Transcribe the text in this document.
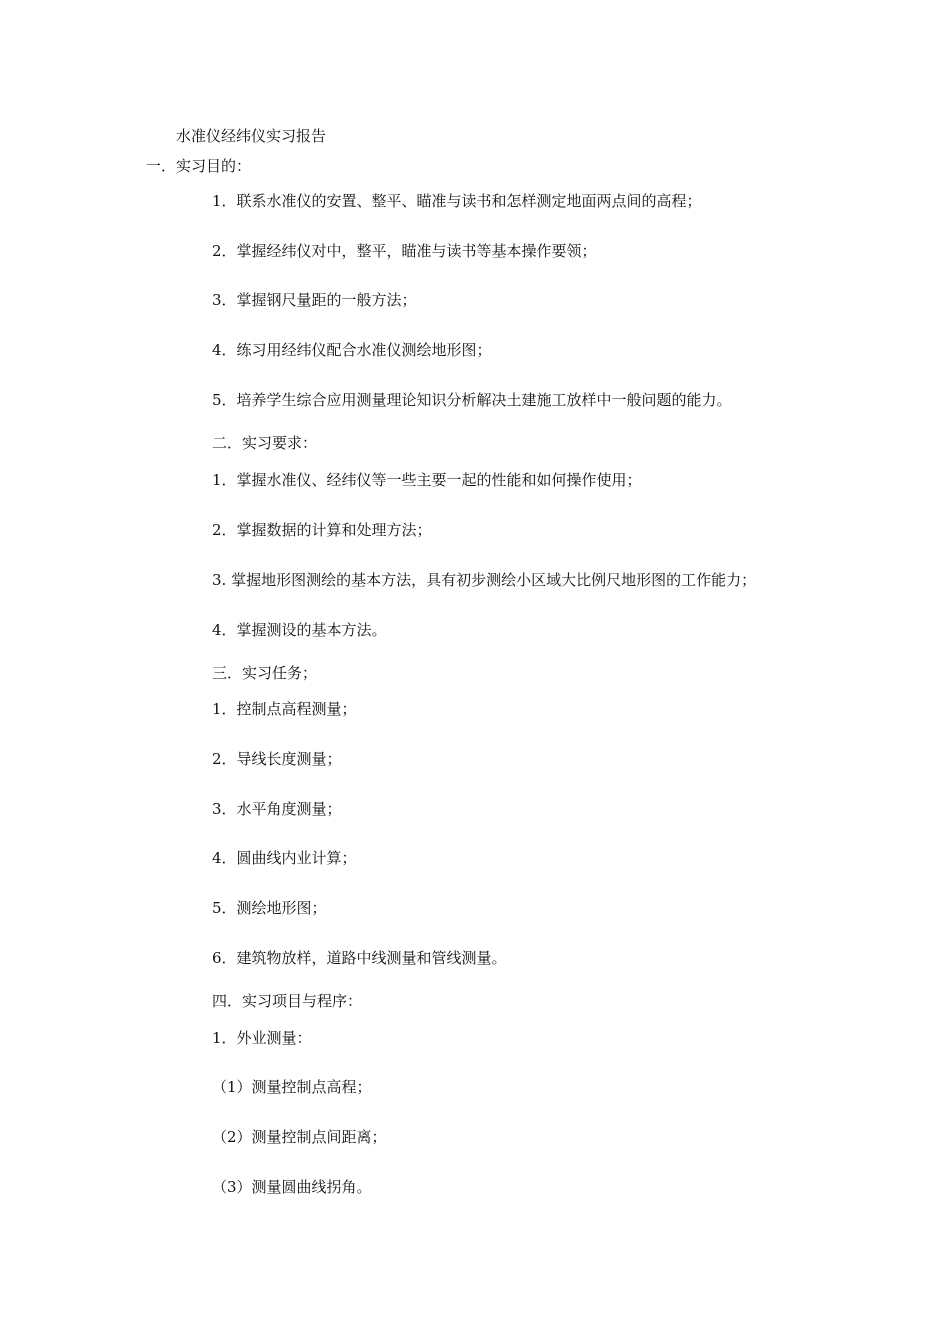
水准仪经纬仪实习报告
一．实习目的：
1．联系水准仪的安置、整平、瞄准与读书和怎样测定地面两点间的高程；
2．掌握经纬仪对中，整平，瞄准与读书等基本操作要领；
3．掌握钢尺量距的一般方法；
4．练习用经纬仪配合水准仪测绘地形图；
5．培养学生综合应用测量理论知识分析解决土建施工放样中一般问题的能力。
二．实习要求：
1．掌握水准仪、经纬仪等一些主要一起的性能和如何操作使用；
2．掌握数据的计算和处理方法；
3. 掌握地形图测绘的基本方法，具有初步测绘小区域大比例尺地形图的工作能力；
4．掌握测设的基本方法。
三．实习任务；
1．控制点高程测量；
2．导线长度测量；
3．水平角度测量；
4．圆曲线内业计算；
5．测绘地形图；
6．建筑物放样，道路中线测量和管线测量。
四．实习项目与程序：
1．外业测量：
（1）测量控制点高程；
（2）测量控制点间距离；
（3）测量圆曲线拐角。
